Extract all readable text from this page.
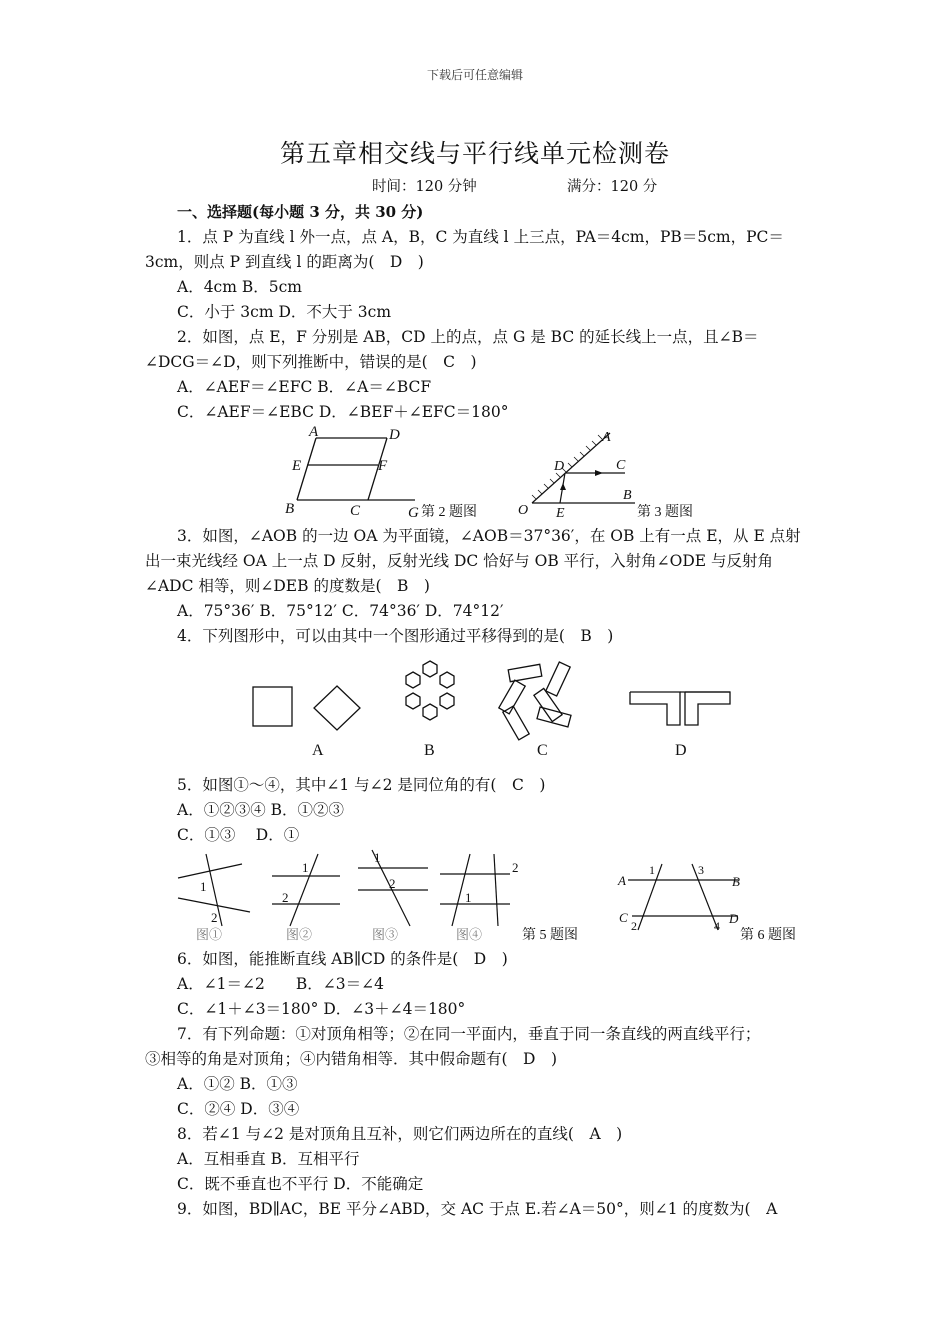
下载后可任意编辑
第五章相交线与平行线单元检测卷
时间：120 分钟	满分：120 分
一、选择题(每小题 3 分，共 30 分)
1．点 P 为直线 l 外一点，点 A，B，C 为直线 l 上三点，PA＝4cm，PB＝5cm，PC＝
3cm，则点 P 到直线 l 的距离为(　D　)
A．4cm B．5cm
C．小于 3cm D．不大于 3cm
2．如图，点 E，F 分别是 AB，CD 上的点，点 G 是 BC 的延长线上一点，且∠B＝
∠DCG＝∠D，则下列推断中，错误的是(　C　)
A．∠AEF＝∠EFC B．∠A＝∠BCF
C．∠AEF＝∠EBC D．∠BEF＋∠EFC＝180°
A	D
E	F
B	C	G 第 2 题图
A
D	C
O E
B
第 3 题图
3．如图，∠AOB 的一边 OA 为平面镜，∠AOB＝37°36′，在 OB 上有一点 E，从 E 点射
出一束光线经 OA 上一点 D 反射，反射光线 DC 恰好与 OB 平行，入射角∠ODE 与反射角
∠ADC 相等，则∠DEB 的度数是(　B　)
A．75°36′ B．75°12′ C．74°36′ D．74°12′
4．下列图形中，可以由其中一个图形通过平移得到的是(　B　)
A	B	C	D
5．如图①～④，其中∠1 与∠2 是同位角的有(　C　)
A．①②③④ B．①②③
C．①③　 D．①
1
2
1
2
1
2
1
2
图①	图②	图③	图④	第 5 题图
A	B
C	D
1
2
3
4
第 6 题图
6．如图，能推断直线 AB∥CD 的条件是(　D　)
A．∠1＝∠2　　B．∠3＝∠4
C．∠1＋∠3＝180° D．∠3＋∠4＝180°
7．有下列命题：①对顶角相等；②在同一平面内，垂直于同一条直线的两直线平行；
③相等的角是对顶角；④内错角相等．其中假命题有(　D　)
A．①② B．①③
C．②④ D．③④
8．若∠1 与∠2 是对顶角且互补，则它们两边所在的直线(　A　)
A．互相垂直 B．互相平行
C．既不垂直也不平行 D．不能确定
9．如图，BD∥AC，BE 平分∠ABD，交 AC 于点 E.若∠A＝50°，则∠1 的度数为(　A
